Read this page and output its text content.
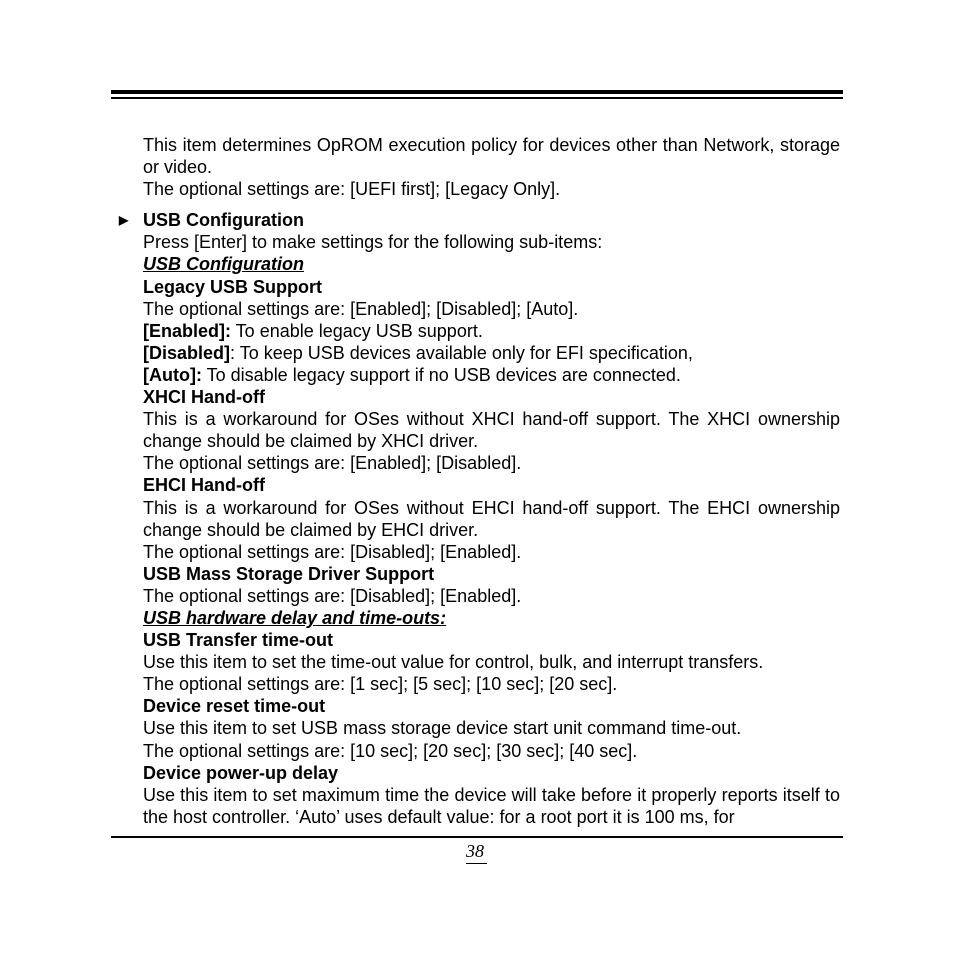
This item determines OpROM execution policy for devices other than Network, storage or video.

The optional settings are: [UEFI first]; [Legacy Only].

▶ USB Configuration

Press [Enter] to make settings for the following sub-items:

USB Configuration

Legacy USB Support

The optional settings are: [Enabled]; [Disabled]; [Auto].

[Enabled]: To enable legacy USB support.

[Disabled]: To keep USB devices available only for EFI specification,

[Auto]: To disable legacy support if no USB devices are connected.

XHCI Hand-off

This is a workaround for OSes without XHCI hand-off support. The XHCI ownership change should be claimed by XHCI driver.

The optional settings are: [Enabled]; [Disabled].

EHCI Hand-off

This is a workaround for OSes without EHCI hand-off support. The EHCI ownership change should be claimed by EHCI driver.

The optional settings are: [Disabled]; [Enabled].

USB Mass Storage Driver Support

The optional settings are: [Disabled]; [Enabled].

USB hardware delay and time-outs:

USB Transfer time-out

Use this item to set the time-out value for control, bulk, and interrupt transfers.

The optional settings are: [1 sec]; [5 sec]; [10 sec]; [20 sec].

Device reset time-out

Use this item to set USB mass storage device start unit command time-out.

The optional settings are: [10 sec]; [20 sec]; [30 sec]; [40 sec].

Device power-up delay

Use this item to set maximum time the device will take before it properly reports itself to the host controller. ‘Auto’ uses default value: for a root port it is 100 ms, for

38
